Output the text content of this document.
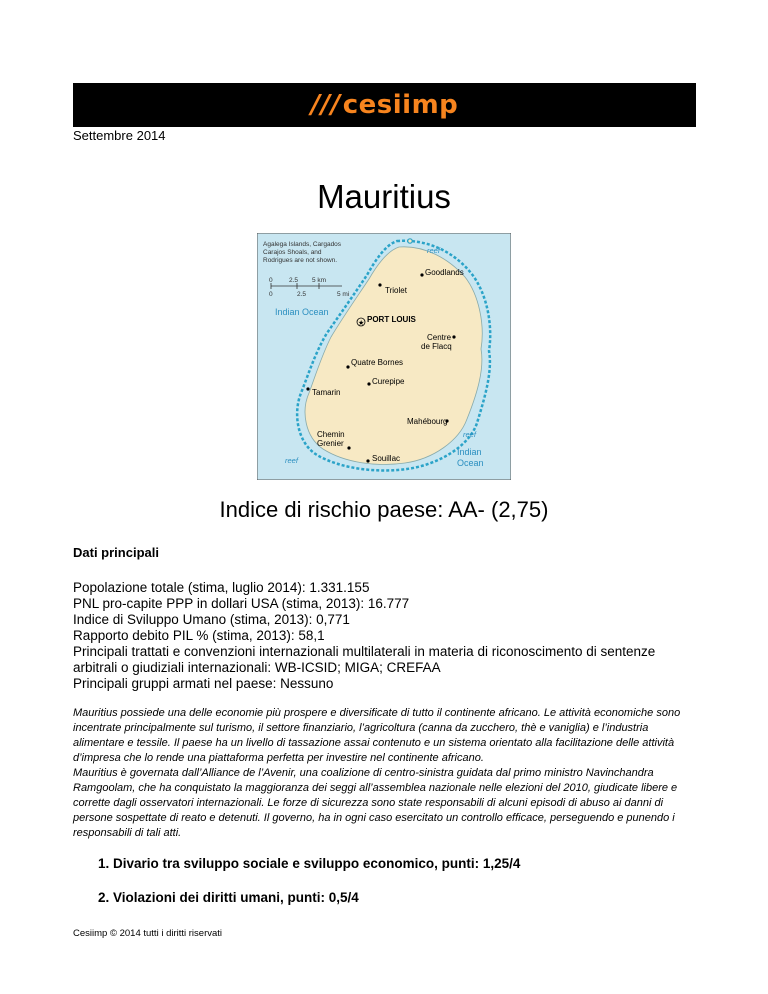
///cesiimp
Settembre 2014
Mauritius
Agalega Islands, Cargados
Carajos Shoals, and
Rodrigues are not shown.
0	2.5 5 km
0	2.5	5 mi
reef
Indian Ocean
reef
reef
Indian
Ocean
Goodlands
Triolet
★ PORT LOUIS
Centre
de Flacq
Quatre Bornes
Curepipe
Tamarin
Mahébourg
Chemin
Grenier
Souillac
Indice di rischio paese: AA- (2,75)
Dati principali
Popolazione totale (stima, luglio 2014): 1.331.155
PNL pro-capite PPP in dollari USA (stima, 2013): 16.777
Indice di Sviluppo Umano (stima, 2013): 0,771
Rapporto debito PIL % (stima, 2013): 58,1
Principali trattati e convenzioni internazionali multilaterali in materia di riconoscimento di sentenze arbitrali o giudiziali internazionali: WB-ICSID; MIGA; CREFAA
Principali gruppi armati nel paese: Nessuno

Mauritius possiede una delle economie più prospere e diversificate di tutto il continente africano. Le attività economiche sono incentrate principalmente sul turismo, il settore finanziario, l’agricoltura (canna da zucchero, thè e vaniglia) e l’industria alimentare e tessile. Il paese ha un livello di tassazione assai contenuto e un sistema orientato alla facilitazione delle attività d’impresa che lo rende una piattaforma perfetta per investire nel continente africano.

Mauritius è governata dall’Alliance de l’Avenir, una coalizione di centro-sinistra guidata dal primo ministro Navinchandra Ramgoolam, che ha conquistato la maggioranza dei seggi all’assemblea nazionale nelle elezioni del 2010, giudicate libere e corrette dagli osservatori internazionali. Le forze di sicurezza sono state responsabili di alcuni episodi di abuso ai danni di persone sospettate di reato e detenuti. Il governo, ha in ogni caso esercitato un controllo efficace, perseguendo e punendo i responsabili di tali atti.

1. Divario tra sviluppo sociale e sviluppo economico, punti: 1,25/4
2. Violazioni dei diritti umani, punti: 0,5/4
Cesiimp © 2014 tutti i diritti riservati
